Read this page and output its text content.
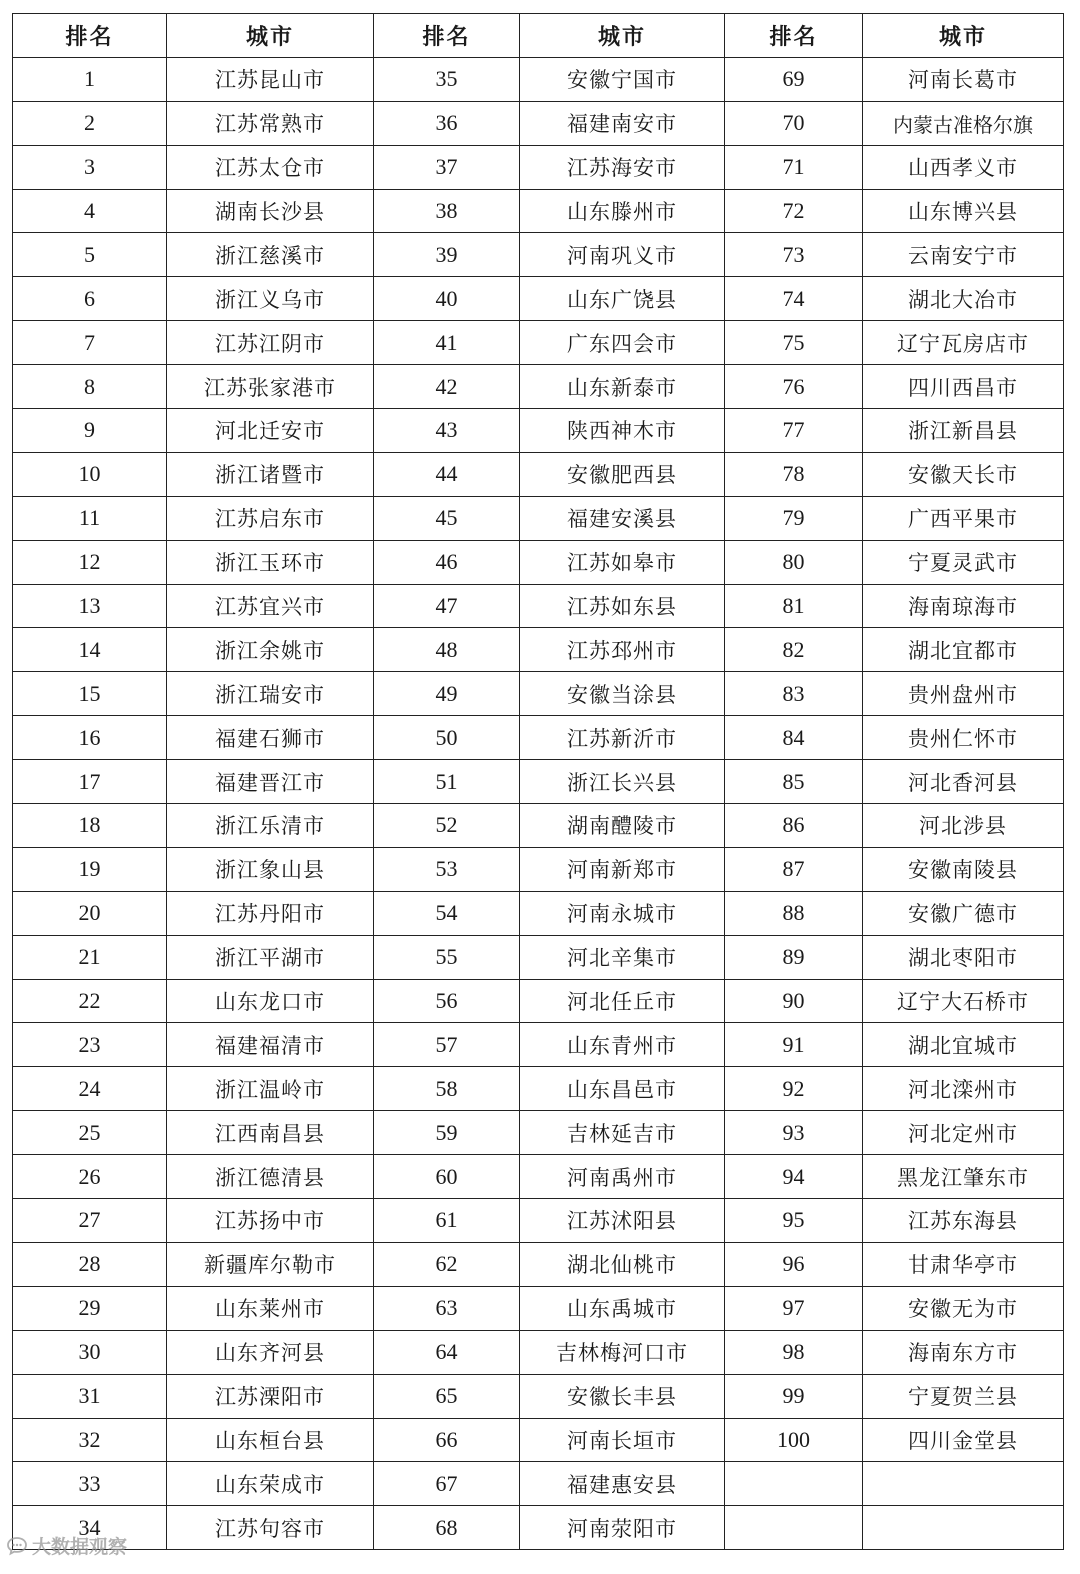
排名	城市	排名	城市	排名	城市
1	江苏昆山市	35	安徽宁国市	69	河南长葛市
2	江苏常熟市	36	福建南安市	70	内蒙古准格尔旗
3	江苏太仓市	37	江苏海安市	71	山西孝义市
4	湖南长沙县	38	山东滕州市	72	山东博兴县
5	浙江慈溪市	39	河南巩义市	73	云南安宁市
6	浙江义乌市	40	山东广饶县	74	湖北大冶市
7	江苏江阴市	41	广东四会市	75	辽宁瓦房店市
8	江苏张家港市	42	山东新泰市	76	四川西昌市
9	河北迁安市	43	陕西神木市	77	浙江新昌县
10	浙江诸暨市	44	安徽肥西县	78	安徽天长市
11	江苏启东市	45	福建安溪县	79	广西平果市
12	浙江玉环市	46	江苏如皋市	80	宁夏灵武市
13	江苏宜兴市	47	江苏如东县	81	海南琼海市
14	浙江余姚市	48	江苏邳州市	82	湖北宜都市
15	浙江瑞安市	49	安徽当涂县	83	贵州盘州市
16	福建石狮市	50	江苏新沂市	84	贵州仁怀市
17	福建晋江市	51	浙江长兴县	85	河北香河县
18	浙江乐清市	52	湖南醴陵市	86	河北涉县
19	浙江象山县	53	河南新郑市	87	安徽南陵县
20	江苏丹阳市	54	河南永城市	88	安徽广德市
21	浙江平湖市	55	河北辛集市	89	湖北枣阳市
22	山东龙口市	56	河北任丘市	90	辽宁大石桥市
23	福建福清市	57	山东青州市	91	湖北宜城市
24	浙江温岭市	58	山东昌邑市	92	河北滦州市
25	江西南昌县	59	吉林延吉市	93	河北定州市
26	浙江德清县	60	河南禹州市	94	黑龙江肇东市
27	江苏扬中市	61	江苏沭阳县	95	江苏东海县
28	新疆库尔勒市	62	湖北仙桃市	96	甘肃华亭市
29	山东莱州市	63	山东禹城市	97	安徽无为市
30	山东齐河县	64	吉林梅河口市	98	海南东方市
31	江苏溧阳市	65	安徽长丰县	99	宁夏贺兰县
32	山东桓台县	66	河南长垣市	100	四川金堂县
33	山东荣成市	67	福建惠安县		
34	江苏句容市	68	河南荥阳市		
大数据观察
